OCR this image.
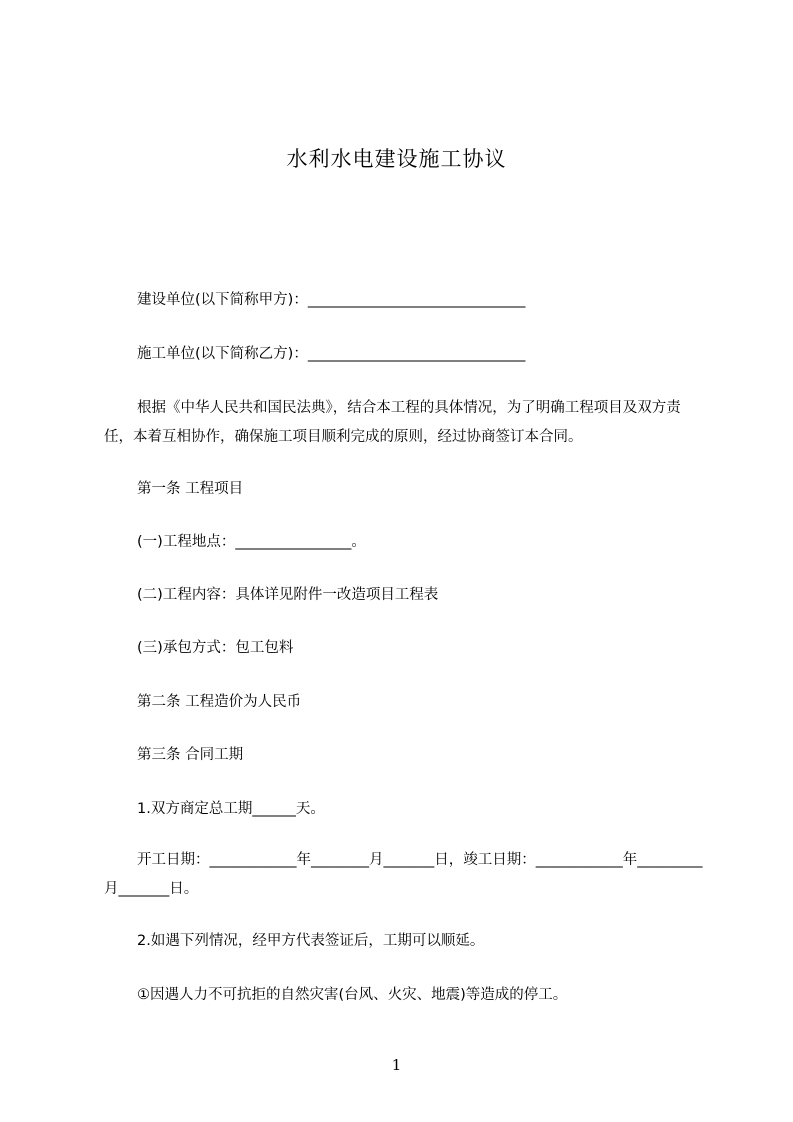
水利水电建设施工协议

建设单位(以下简称甲方)：______________________________

施工单位(以下简称乙方)：______________________________

根据《中华人民共和国民法典》，结合本工程的具体情况，为了明确工程项目及双方责任，本着互相协作，确保施工项目顺利完成的原则，经过协商签订本合同。

第一条 工程项目

(一)工程地点：________________。

(二)工程内容：具体详见附件一改造项目工程表

(三)承包方式：包工包料

第二条 工程造价为人民币

第三条 合同工期

1.双方商定总工期______天。

开工日期：____________年________月_______日，竣工日期：____________年_________月_______日。

2.如遇下列情况，经甲方代表签证后，工期可以顺延。

①因遇人力不可抗拒的自然灾害(台风、火灾、地震)等造成的停工。

1
